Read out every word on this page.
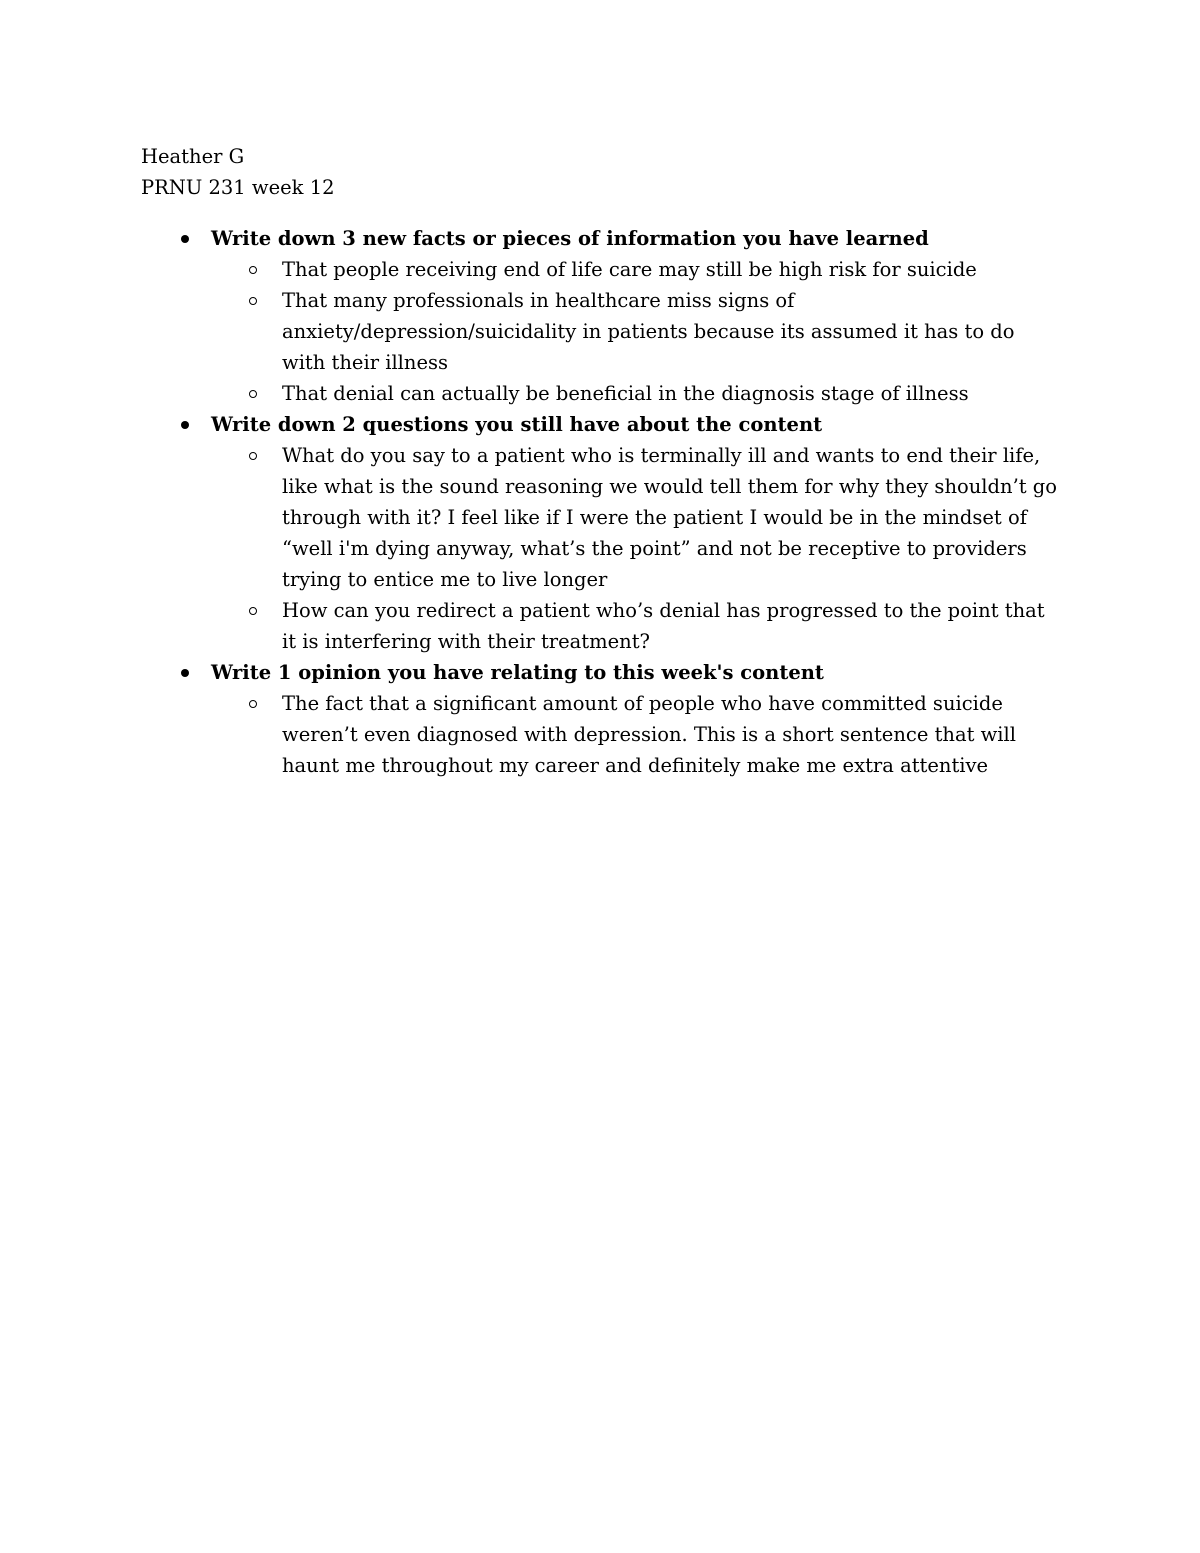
Heather G
PRNU 231 week 12
Write down 3 new facts or pieces of information you have learned
That people receiving end of life care may still be high risk for suicide
That many professionals in healthcare miss signs of anxiety/depression/suicidality in patients because its assumed it has to do with their illness
That denial can actually be beneficial in the diagnosis stage of illness
Write down 2 questions you still have about the content
What do you say to a patient who is terminally ill and wants to end their life, like what is the sound reasoning we would tell them for why they shouldn’t go through with it? I feel like if I were the patient I would be in the mindset of “well i'm dying anyway, what’s the point” and not be receptive to providers trying to entice me to live longer
How can you redirect a patient who’s denial has progressed to the point that it is interfering with their treatment?
Write 1 opinion you have relating to this week's content
The fact that a significant amount of people who have committed suicide weren’t even diagnosed with depression. This is a short sentence that will haunt me throughout my career and definitely make me extra attentive
